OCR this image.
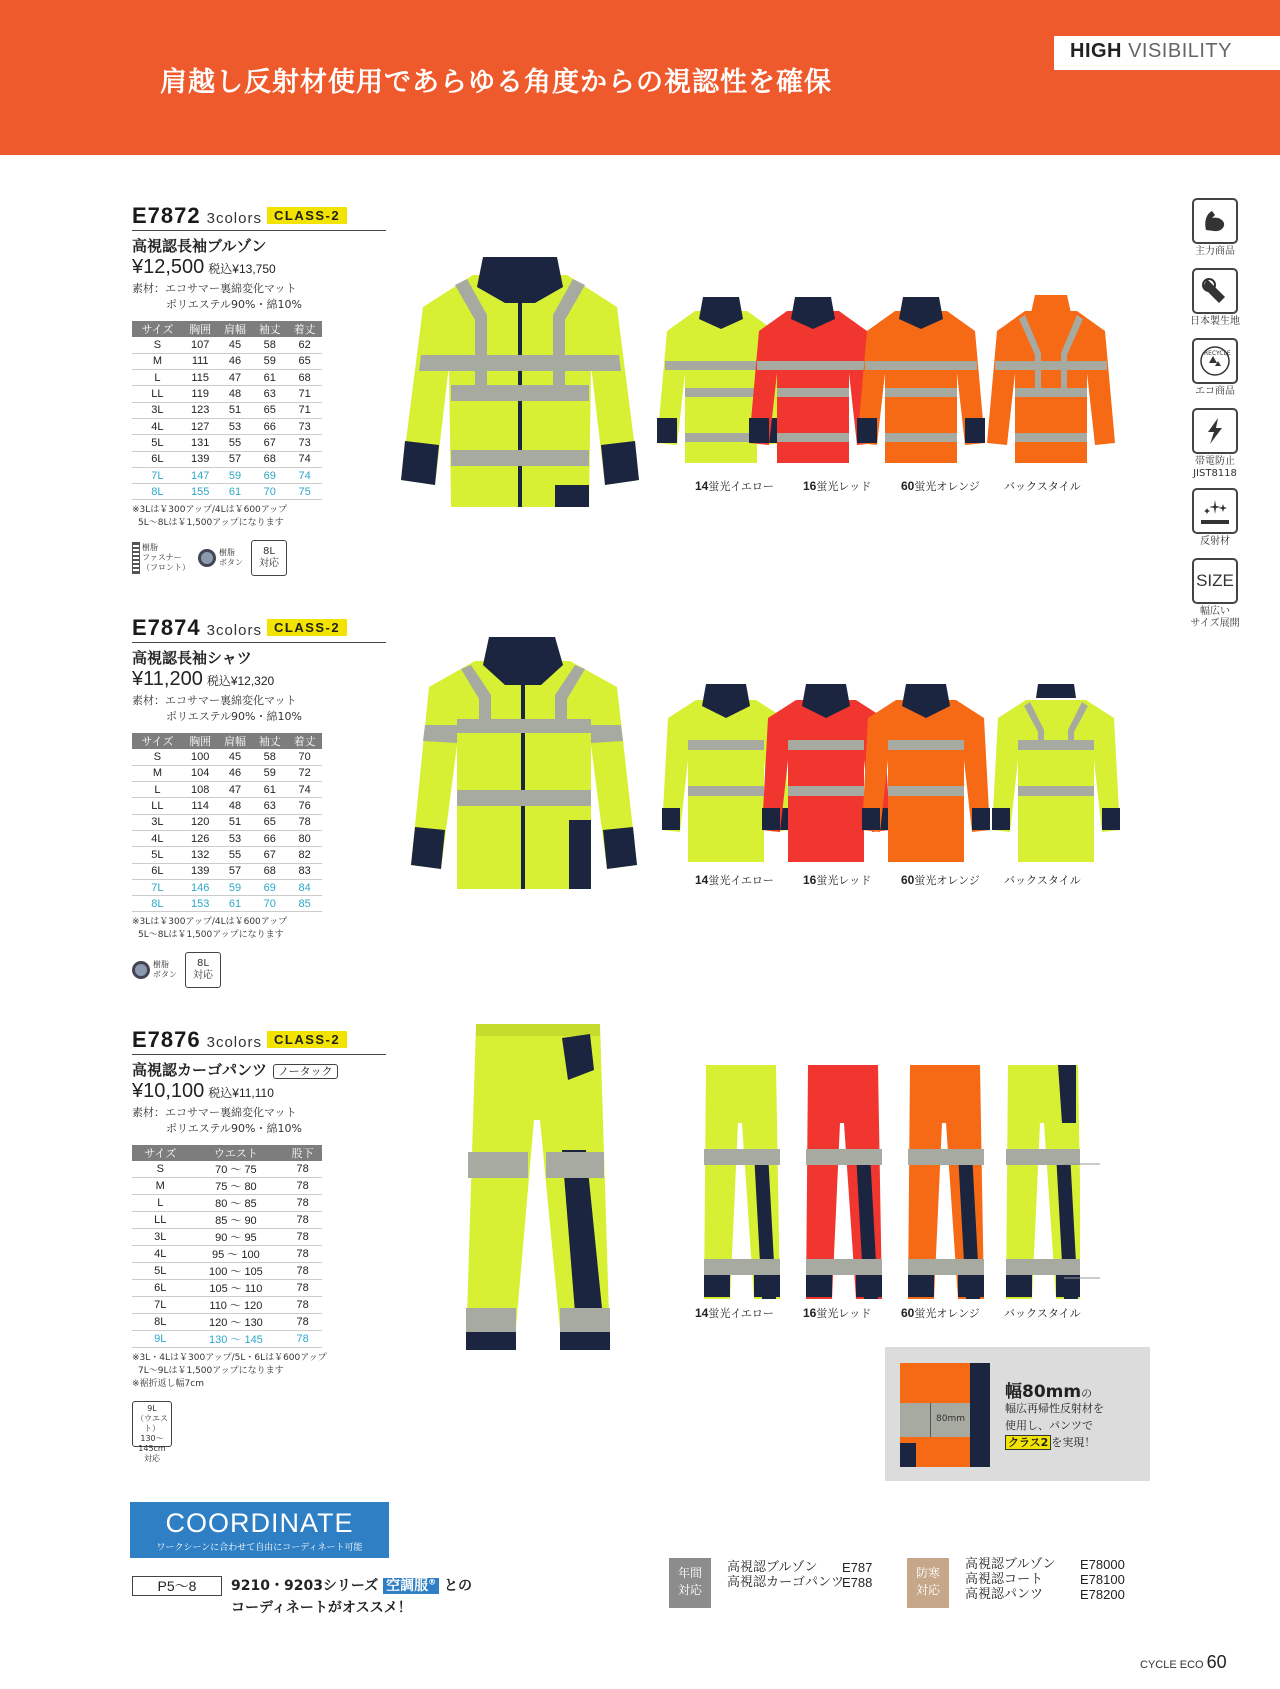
肩越し反射材使用であらゆる角度からの視認性を確保
HIGH VISIBILITY
E7872 3colors CLASS-2
高視認長袖ブルゾン
¥12,500 税込¥13,750
素材：エコサマー裏綿変化マット
ポリエステル90%・綿10%
サイズ	胸囲	肩幅	袖丈	着丈
S	107	45	58	62
M	111	46	59	65
L	115	47	61	68
LL	119	48	63	71
3L	123	51	65	71
4L	127	53	66	73
5L	131	55	67	73
6L	139	57	68	74
7L	147	59	69	74
8L	155	61	70	75
※3Lは￥300アップ/4Lは￥600アップ
5L～8Lは￥1,500アップになります
樹脂
ファスナー
（フロント）
樹脂
ボタン
8L
対応
E7874 3colors CLASS-2
高視認長袖シャツ
¥11,200 税込¥12,320
素材：エコサマー裏綿変化マット
ポリエステル90%・綿10%
サイズ	胸囲	肩幅	袖丈	着丈
S	100	45	58	70
M	104	46	59	72
L	108	47	61	74
LL	114	48	63	76
3L	120	51	65	78
4L	126	53	66	80
5L	132	55	67	82
6L	139	57	68	83
7L	146	59	69	84
8L	153	61	70	85
※3Lは￥300アップ/4Lは￥600アップ
5L～8Lは￥1,500アップになります
樹脂
ボタン
8L
対応
E7876 3colors CLASS-2
高視認カーゴパンツ ノータック
¥10,100 税込¥11,110
素材：エコサマー裏綿変化マット
ポリエステル90%・綿10%
サイズ	ウエスト	股下
S	70 ～ 75	78
M	75 ～ 80	78
L	80 ～ 85	78
LL	85 ～ 90	78
3L	90 ～ 95	78
4L	95 ～ 100	78
5L	100 ～ 105	78
6L	105 ～ 110	78
7L	110 ～ 120	78
8L	120 ～ 130	78
9L	130 ～ 145	78
※3L・4Lは￥300アップ/5L・6Lは￥600アップ
7L～9Lは￥1,500アップになります
※裾折返し幅7cm
9L
（ウエスト）
130～145cm
対応
14蛍光イエロー 16蛍光レッド 60蛍光オレンジ バックスタイル
14蛍光イエロー 16蛍光レッド 60蛍光オレンジ バックスタイル
14蛍光イエロー 16蛍光レッド 60蛍光オレンジ バックスタイル
80mm
幅80mmの
幅広再帰性反射材を
使用し、パンツで
クラス2 を実現！
主力商品
日本製生地
RECYCLE
エコ商品
帯電防止
JIST8118
反射材
SIZE
幅広い
サイズ展開
COORDINATE
ワークシーンに合わせて自由にコーディネート可能
P5～8	9210・9203シリーズ 空調服® との
コーディネートがオススメ！
年間
対応
高視認ブルゾン	E787
高視認カーゴパンツ
E788
防寒
対応
高視認ブルゾン	E78000
高視認コート	E78100
高視認パンツ	E78200
CYCLE ECO 60
